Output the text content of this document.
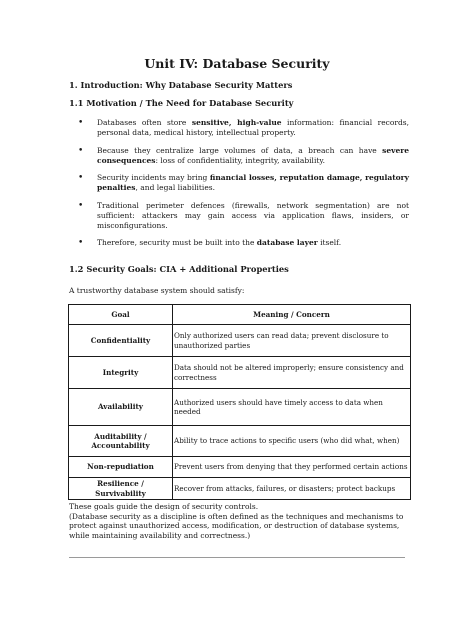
Unit IV: Database Security
1. Introduction: Why Database Security Matters
1.1 Motivation / The Need for Database Security
• Databases often store sensitive, high-value information: financial records, personal data, medical history, intellectual property.
• Because they centralize large volumes of data, a breach can have severe consequences: loss of confidentiality, integrity, availability.
• Security incidents may bring financial losses, reputation damage, regulatory penalties, and legal liabilities.
• Traditional perimeter defences (firewalls, network segmentation) are not sufficient: attackers may gain access via application flaws, insiders, or misconfigurations.
• Therefore, security must be built into the database layer itself.
1.2 Security Goals: CIA + Additional Properties
A trustworthy database system should satisfy:
Goal	Meaning / Concern
Confidentiality	Only authorized users can read data; prevent disclosure to unauthorized parties
Integrity	Data should not be altered improperly; ensure consistency and correctness
Availability	Authorized users should have timely access to data when needed
Auditability / Accountability	Ability to trace actions to specific users (who did what, when)
Non-repudiation	Prevent users from denying that they performed certain actions
Resilience / Survivability	Recover from attacks, failures, or disasters; protect backups

These goals guide the design of security controls.

(Database security as a discipline is often defined as the techniques and mechanisms to protect against unauthorized access, modification, or destruction of database systems, while maintaining availability and correctness.)
